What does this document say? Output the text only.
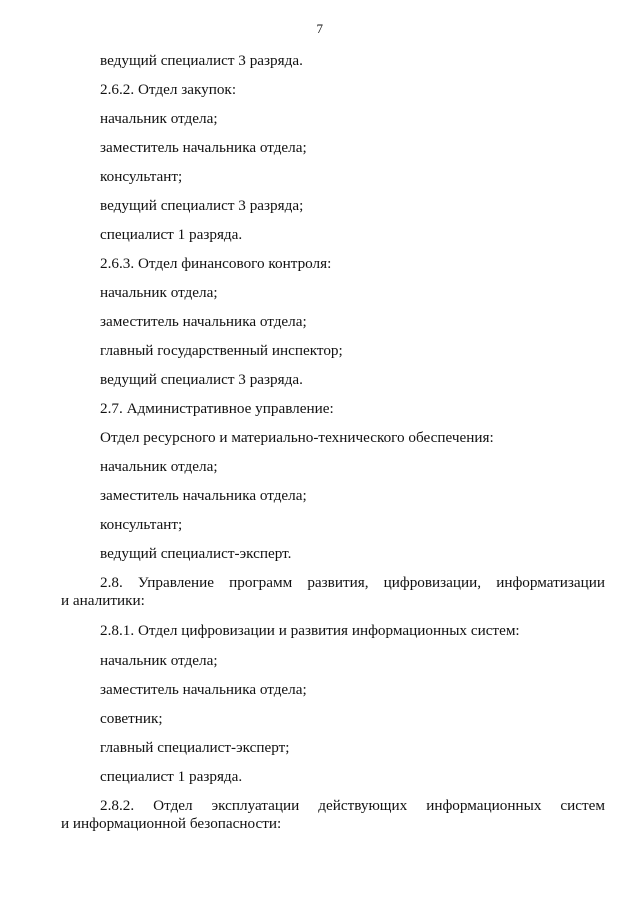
7
ведущий специалист 3 разряда.
2.6.2. Отдел закупок:
начальник отдела;
заместитель начальника отдела;
консультант;
ведущий специалист 3 разряда;
специалист 1 разряда.
2.6.3. Отдел финансового контроля:
начальник отдела;
заместитель начальника отдела;
главный государственный инспектор;
ведущий специалист 3 разряда.
2.7. Административное управление:
Отдел ресурсного и материально-технического обеспечения:
начальник отдела;
заместитель начальника отдела;
консультант;
ведущий специалист-эксперт.
2.8. Управление программ развития, цифровизации, информатизации
и аналитики:
2.8.1. Отдел цифровизации и развития информационных систем:
начальник отдела;
заместитель начальника отдела;
советник;
главный специалист-эксперт;
специалист 1 разряда.
2.8.2. Отдел эксплуатации действующих информационных систем
и информационной безопасности:
